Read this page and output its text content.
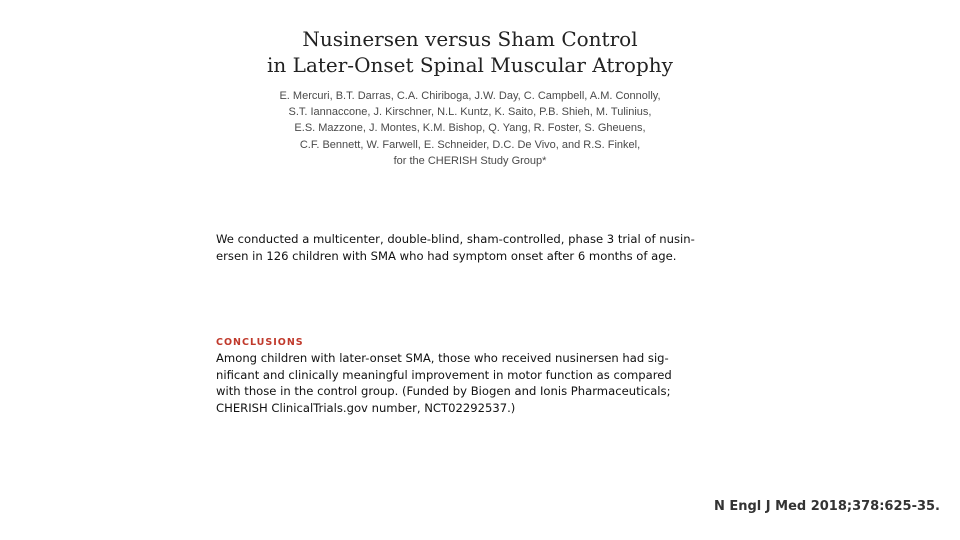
Nusinersen versus Sham Control
in Later-Onset Spinal Muscular Atrophy
E. Mercuri, B.T. Darras, C.A. Chiriboga, J.W. Day, C. Campbell, A.M. Connolly,
S.T. Iannaccone, J. Kirschner, N.L. Kuntz, K. Saito, P.B. Shieh, M. Tulinius,
E.S. Mazzone, J. Montes, K.M. Bishop, Q. Yang, R. Foster, S. Gheuens,
C.F. Bennett, W. Farwell, E. Schneider, D.C. De Vivo, and R.S. Finkel,
for the CHERISH Study Group*
We conducted a multicenter, double-blind, sham-controlled, phase 3 trial of nusin-
ersen in 126 children with SMA who had symptom onset after 6 months of age.
CONCLUSIONS
Among children with later-onset SMA, those who received nusinersen had sig-
nificant and clinically meaningful improvement in motor function as compared
with those in the control group. (Funded by Biogen and Ionis Pharmaceuticals;
CHERISH ClinicalTrials.gov number, NCT02292537.)
N Engl J Med 2018;378:625-35.
